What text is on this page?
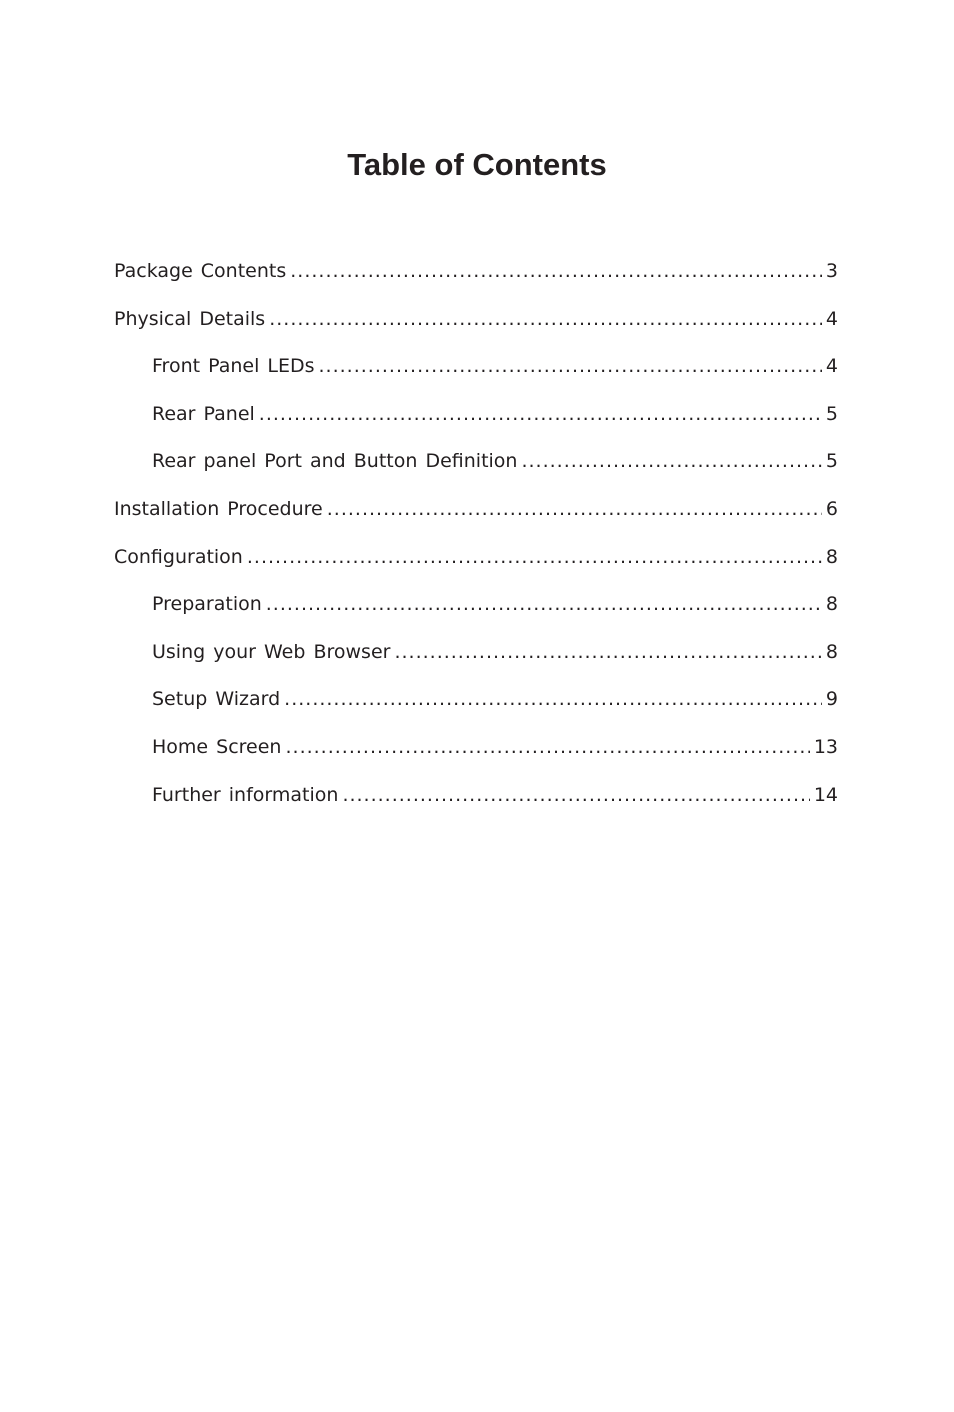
Table of Contents
Package Contents .....	3
Physical Details .....	4
Front Panel LEDs .....	4
Rear Panel .....	5
Rear panel Port and Button Definition .....	5
Installation Procedure .....	6
Configuration .....	8
Preparation .....	8
Using your Web Browser .....	8
Setup Wizard .....	9
Home Screen .....	13
Further information .....	14
